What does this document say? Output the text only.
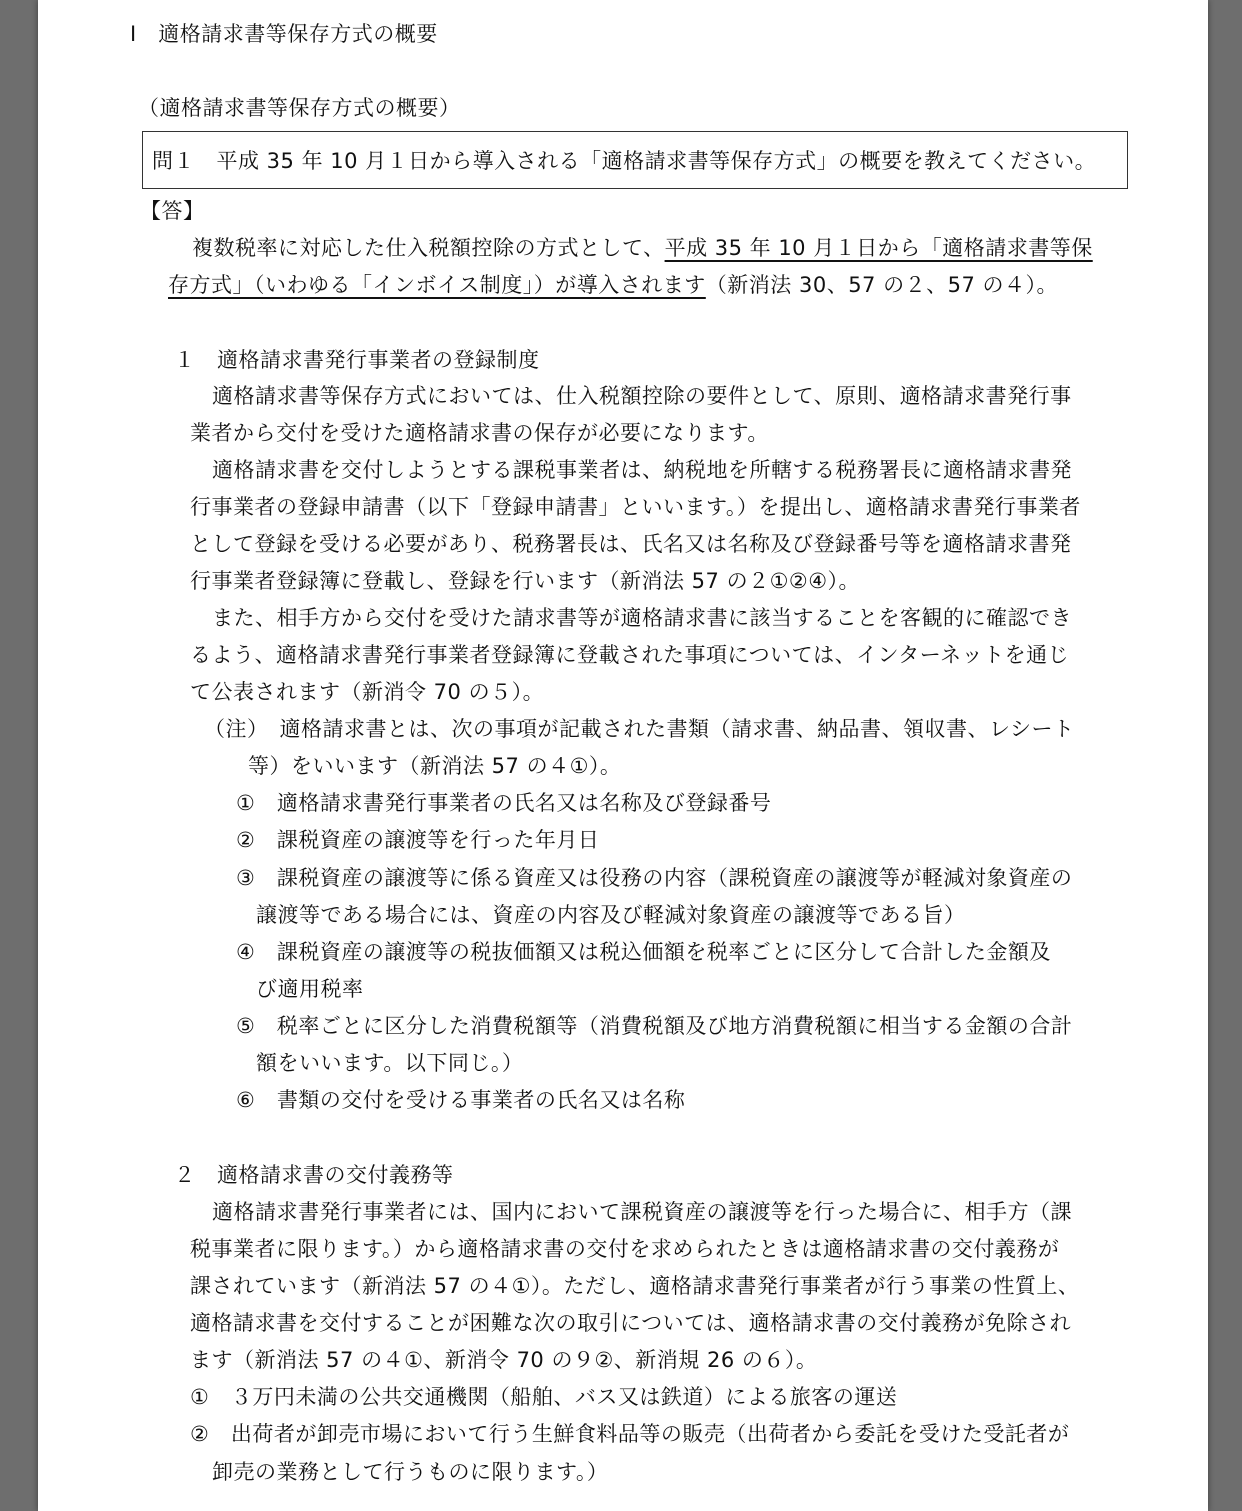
Ⅰ　適格請求書等保存方式の概要
（適格請求書等保存方式の概要）
問１　平成 35 年 10 月１日から導入される「適格請求書等保存方式」の概要を教えてください。
【答】
複数税率に対応した仕入税額控除の方式として、平成 35 年 10 月１日から「適格請求書等保
存方式」（いわゆる「インボイス制度」）が導入されます（新消法 30、57 の２、57 の４）。
１　適格請求書発行事業者の登録制度
適格請求書等保存方式においては、仕入税額控除の要件として、原則、適格請求書発行事
業者から交付を受けた適格請求書の保存が必要になります。
適格請求書を交付しようとする課税事業者は、納税地を所轄する税務署長に適格請求書発
行事業者の登録申請書（以下「登録申請書」といいます。）を提出し、適格請求書発行事業者
として登録を受ける必要があり、税務署長は、氏名又は名称及び登録番号等を適格請求書発
行事業者登録簿に登載し、登録を行います（新消法 57 の２①②④）。
また、相手方から交付を受けた請求書等が適格請求書に該当することを客観的に確認でき
るよう、適格請求書発行事業者登録簿に登載された事項については、インターネットを通じ
て公表されます（新消令 70 の５）。
（注）　適格請求書とは、次の事項が記載された書類（請求書、納品書、領収書、レシート
等）をいいます（新消法 57 の４①）。
①　適格請求書発行事業者の氏名又は名称及び登録番号
②　課税資産の譲渡等を行った年月日
③　課税資産の譲渡等に係る資産又は役務の内容（課税資産の譲渡等が軽減対象資産の
譲渡等である場合には、資産の内容及び軽減対象資産の譲渡等である旨）
④　課税資産の譲渡等の税抜価額又は税込価額を税率ごとに区分して合計した金額及
び適用税率
⑤　税率ごとに区分した消費税額等（消費税額及び地方消費税額に相当する金額の合計
額をいいます。以下同じ。）
⑥　書類の交付を受ける事業者の氏名又は名称
２　適格請求書の交付義務等
適格請求書発行事業者には、国内において課税資産の譲渡等を行った場合に、相手方（課
税事業者に限ります。）から適格請求書の交付を求められたときは適格請求書の交付義務が
課されています（新消法 57 の４①）。ただし、適格請求書発行事業者が行う事業の性質上、
適格請求書を交付することが困難な次の取引については、適格請求書の交付義務が免除され
ます（新消法 57 の４①、新消令 70 の９②、新消規 26 の６）。
①　３万円未満の公共交通機関（船舶、バス又は鉄道）による旅客の運送
②　出荷者が卸売市場において行う生鮮食料品等の販売（出荷者から委託を受けた受託者が
卸売の業務として行うものに限ります。）
